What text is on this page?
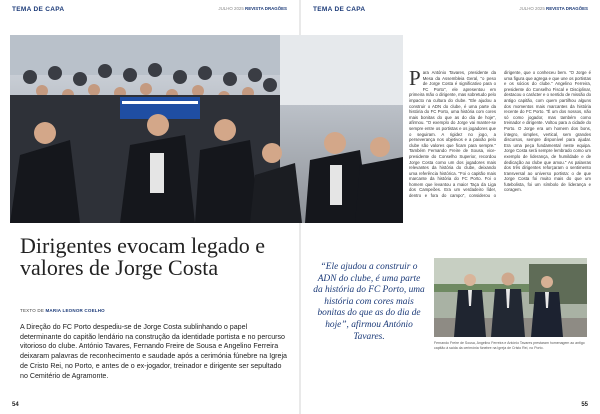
TEMA DE CAPA	JULHO 2025 REVISTA DRAGÕES
Dirigentes evocam legado e valores de Jorge Costa
TEXTO DE MARIA LEONOR COELHO

A Direção do FC Porto despediu-se de Jorge Costa sublinhando o papel determinante do capitão lendário na construção da identidade portista e no percurso vitorioso do clube. António Tavares, Fernando Freire de Sousa e Angelino Ferreira deixaram palavras de reconhecimento e saudade após a cerimónia fúnebre na Igreja de Cristo Rei, no Porto, e antes de o ex-jogador, treinador e dirigente ser sepultado no Cemitério de Agramonte.

54
TEMA DE CAPA	JULHO 2025 REVISTA DRAGÕES

Para António Tavares, presidente da Mesa da Assembleia Geral, "o peso de Jorge Costa é significativo para o FC Porto", ele apresentou em primeira mão o dirigente, mas sobretudo pelo impacto na cultura do clube. "Ele ajudou a construir o ADN do clube, é uma parte da história do FC Porto, uma história com cores mais bonitas do que as do dia de hoje", afirmou. "O exemplo do Jorge vai manter-se sempre entre os portistas e os jogadores que o seguiram. A rigidez no jogo, a perseverança nos objetivos e a paixão pelo clube são valores que ficam para sempre." Também Fernando Freire de Sousa, vice-presidente do Conselho Superior, recordou Jorge Costa como um dos jogadores mais relevantes da história do clube, deixando uma referência histórica. "Foi o capitão mais marcante da história do FC Porto. Foi o homem que levantou a maior Taça da Liga dos Campeões. Era um verdadeiro líder, dentro e fora do campo", considerou o dirigente, que o conheceu bem. "O Jorge é uma figura que agrega e que une os portistas e os sócios do clube." Angelino Ferreira, presidente do Conselho Fiscal e Disciplinar, destacou o carácter e o sentido de missão do antigo capitão, com quem partilhou alguns dos momentos mais marcantes da história recente do FC Porto. "É um dos nossos, não só como jogador, mas também como treinador e dirigente. Voltou para a cidade do Porto. O Jorge era um homem dos bons, íntegro, simples, vertical, sem grandes discursos, sempre disponível para ajudar. Era uma peça fundamental neste equipa. Jorge Costa será sempre lembrado como um exemplo de liderança, de humildade e de dedicação ao clube que amou." As palavras dos três dirigentes reforçaram o sentimento transversal ao universo portista: o de que Jorge Costa foi muito mais do que um futebolista, foi um símbolo de liderança e coragem.

“Ele ajudou a construir o ADN do clube, é uma parte da história do FC Porto, uma história com cores mais bonitas do que as do dia de hoje”, afirmou António Tavares.

Fernando Freire de Sousa, Angelino Ferreira e António Tavares prestaram homenagem ao antigo capitão à saída da cerimónia fúnebre na Igreja de Cristo Rei, no Porto.
55
